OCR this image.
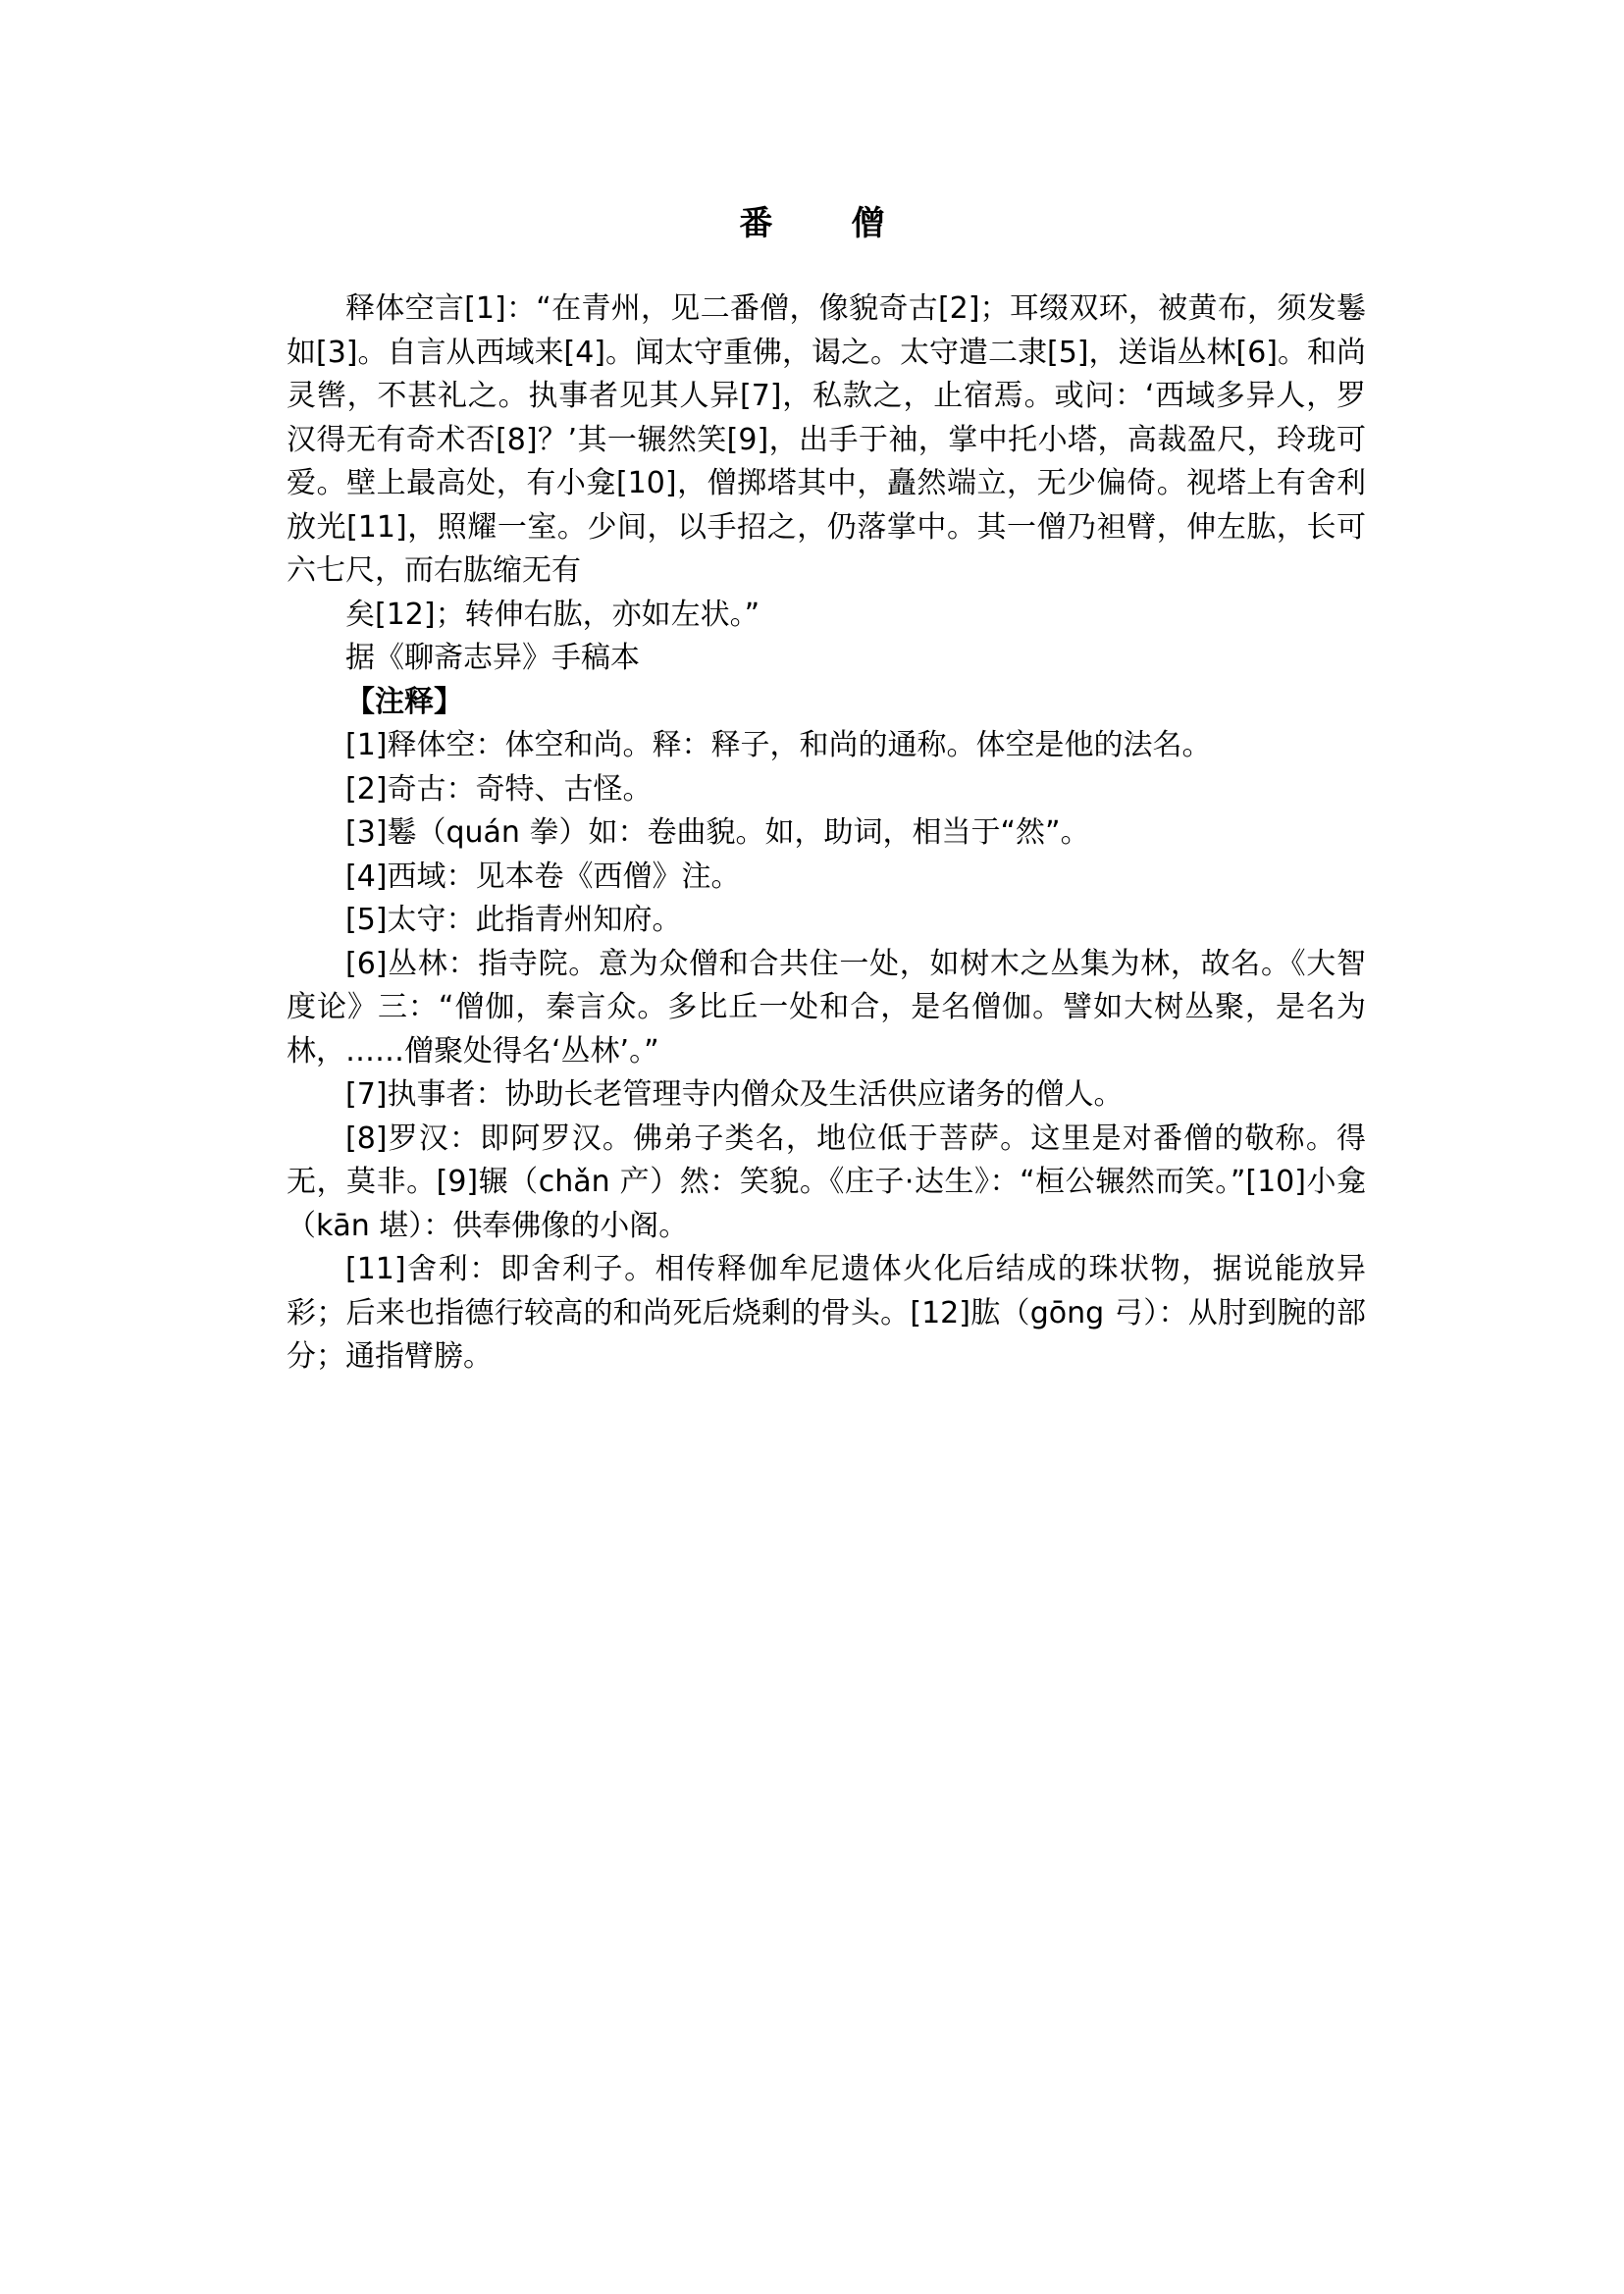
番 僧

释体空言[1]：“在青州，见二番僧，像貌奇古[2]；耳缀双环，被黄布，须发鬈如[3]。自言从西域来[4]。闻太守重佛，谒之。太守遣二隶[5]，送诣丛林[6]。和尚灵辔，不甚礼之。执事者见其人异[7]，私款之，止宿焉。或问：‘西域多异人，罗汉得无有奇术否[8]？’其一辗然笑[9]，出手于袖，掌中托小塔，高裁盈尺，玲珑可爱。壁上最高处，有小龛[10]，僧掷塔其中，矗然端立，无少偏倚。视塔上有舍利放光[11]，照耀一室。少间，以手招之，仍落掌中。其一僧乃袒臂，伸左肱，长可六七尺，而右肱缩无有

矣[12]；转伸右肱，亦如左状。”

据《聊斋志异》手稿本

【注释】

[1]释体空：体空和尚。释：释子，和尚的通称。体空是他的法名。

[2]奇古：奇特、古怪。

[3]鬈（quán 拳）如：卷曲貌。如，助词，相当于“然”。

[4]西域：见本卷《西僧》注。

[5]太守：此指青州知府。

[6]丛林：指寺院。意为众僧和合共住一处，如树木之丛集为林，故名。《大智度论》三：“僧伽，秦言众。多比丘一处和合，是名僧伽。譬如大树丛聚，是名为林，……僧聚处得名‘丛林’。”

[7]执事者：协助长老管理寺内僧众及生活供应诸务的僧人。

[8]罗汉：即阿罗汉。佛弟子类名，地位低于菩萨。这里是对番僧的敬称。得无，莫非。[9]辗（chǎn 产）然：笑貌。《庄子·达生》：“桓公辗然而笑。”[10]小龛（kān 堪）：供奉佛像的小阁。

[11]舍利：即舍利子。相传释伽牟尼遗体火化后结成的珠状物，据说能放异彩；后来也指德行较高的和尚死后烧剩的骨头。[12]肱（gōng 弓）：从肘到腕的部分；通指臂膀。
